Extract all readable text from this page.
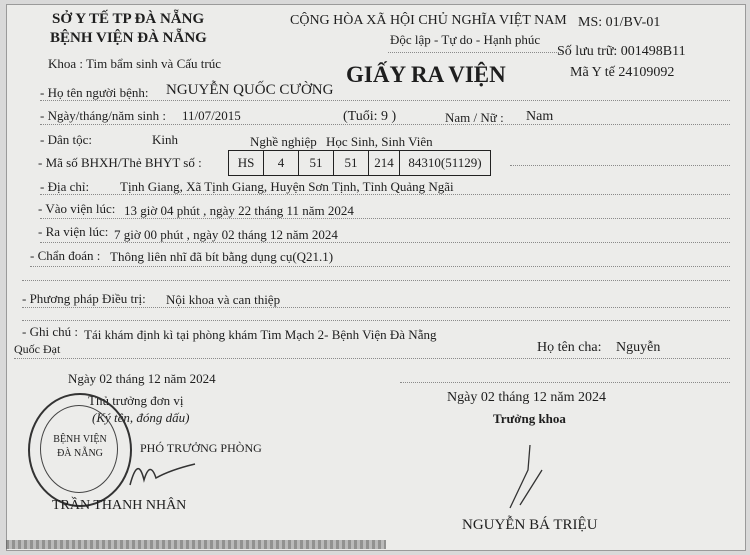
SỞ Y TẾ TP ĐÀ NẴNG
BỆNH VIỆN ĐÀ NẴNG
Khoa : Tim bẩm sinh và Cấu trúc
CỘNG HÒA XÃ HỘI CHỦ NGHĨA VIỆT NAM
Độc lập - Tự do - Hạnh phúc
MS: 01/BV-01
Số lưu trữ: 001498B11
Mã Y tế 24109092
GIẤY RA VIỆN
- Họ tên người bệnh: NGUYỄN QUỐC CƯỜNG
- Ngày/tháng/năm sinh : 11/07/2015	(Tuổi: 9 )	Nam / Nữ : Nam
- Dân tộc:	Kinh	Nghề nghiệp Học Sinh, Sinh Viên
- Mã số BHXH/Thẻ BHYT số :	HS	4	51	51	214	84310(51129)
- Địa chỉ: Tịnh Giang, Xã Tịnh Giang, Huyện Sơn Tịnh, Tỉnh Quảng Ngãi
- Vào viện lúc: 13 giờ 04 phút , ngày 22 tháng 11 năm 2024
- Ra viện lúc: 7 giờ 00 phút , ngày 02 tháng 12 năm 2024
- Chẩn đoán : Thông liên nhĩ đã bít bằng dụng cụ(Q21.1)
- Phương pháp Điều trị: Nội khoa và can thiệp
- Ghi chú : Tái khám định kì tại phòng khám Tim Mạch 2- Bệnh Viện Đà Nẵng
Họ tên cha: Nguyễn
Quốc Đạt
Ngày 02 tháng 12 năm 2024
Thủ trưởng đơn vị
(Ký tên, đóng dấu)
BỆNH VIỆN ĐÀ NẴNG	PHÓ TRƯỞNG PHÒNG
TRẦN THANH NHÂN
Ngày 02 tháng 12 năm 2024
Trưởng khoa
NGUYỄN BÁ TRIỆU
